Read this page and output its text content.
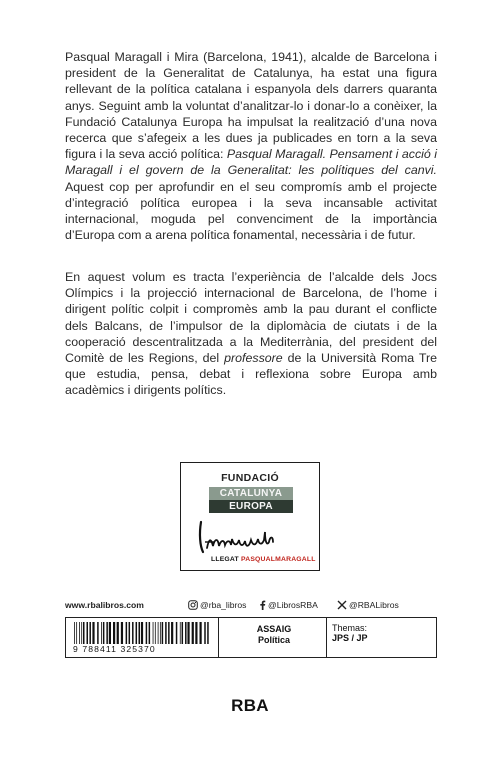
Pasqual Maragall i Mira (Barcelona, 1941), alcalde de Barcelona i president de la Generalitat de Catalunya, ha estat una figura rellevant de la política catalana i espanyola dels darrers quaranta anys. Seguint amb la voluntat d’analitzar-lo i donar-lo a conèixer, la Fundació Catalunya Europa ha impulsat la realització d’una nova recerca que s’afegeix a les dues ja publicades en torn a la seva figura i la seva acció política: Pasqual Maragall. Pensament i acció i Maragall i el govern de la Generalitat: les polítiques del canvi. Aquest cop per aprofundir en el seu compromís amb el projecte d’integració política europea i la seva incansable activitat internacional, moguda pel convenciment de la importància d’Europa com a arena política fonamental, necessària i de futur.

En aquest volum es tracta l’experiència de l’alcalde dels Jocs Olímpics i la projecció internacional de Barcelona, de l’home i dirigent polític colpit i compromès amb la pau durant el conflicte dels Balcans, de l’impulsor de la diplomàcia de ciutats i de la cooperació descentralitzada a la Mediterrània, del president del Comitè de les Regions, del professore de la Università Roma Tre que estudia, pensa, debat i reflexiona sobre Europa amb acadèmics i dirigents polítics.

FUNDACIÓ
CATALUNYA
EUROPA
LLEGAT PASQUALMARAGALL
www.rbalibros.com	@rba_libros	@LibrosRBA	@RBALibros
9 788411 325370
ASSAIG
Política
Themas:
JPS / JP
RBA
